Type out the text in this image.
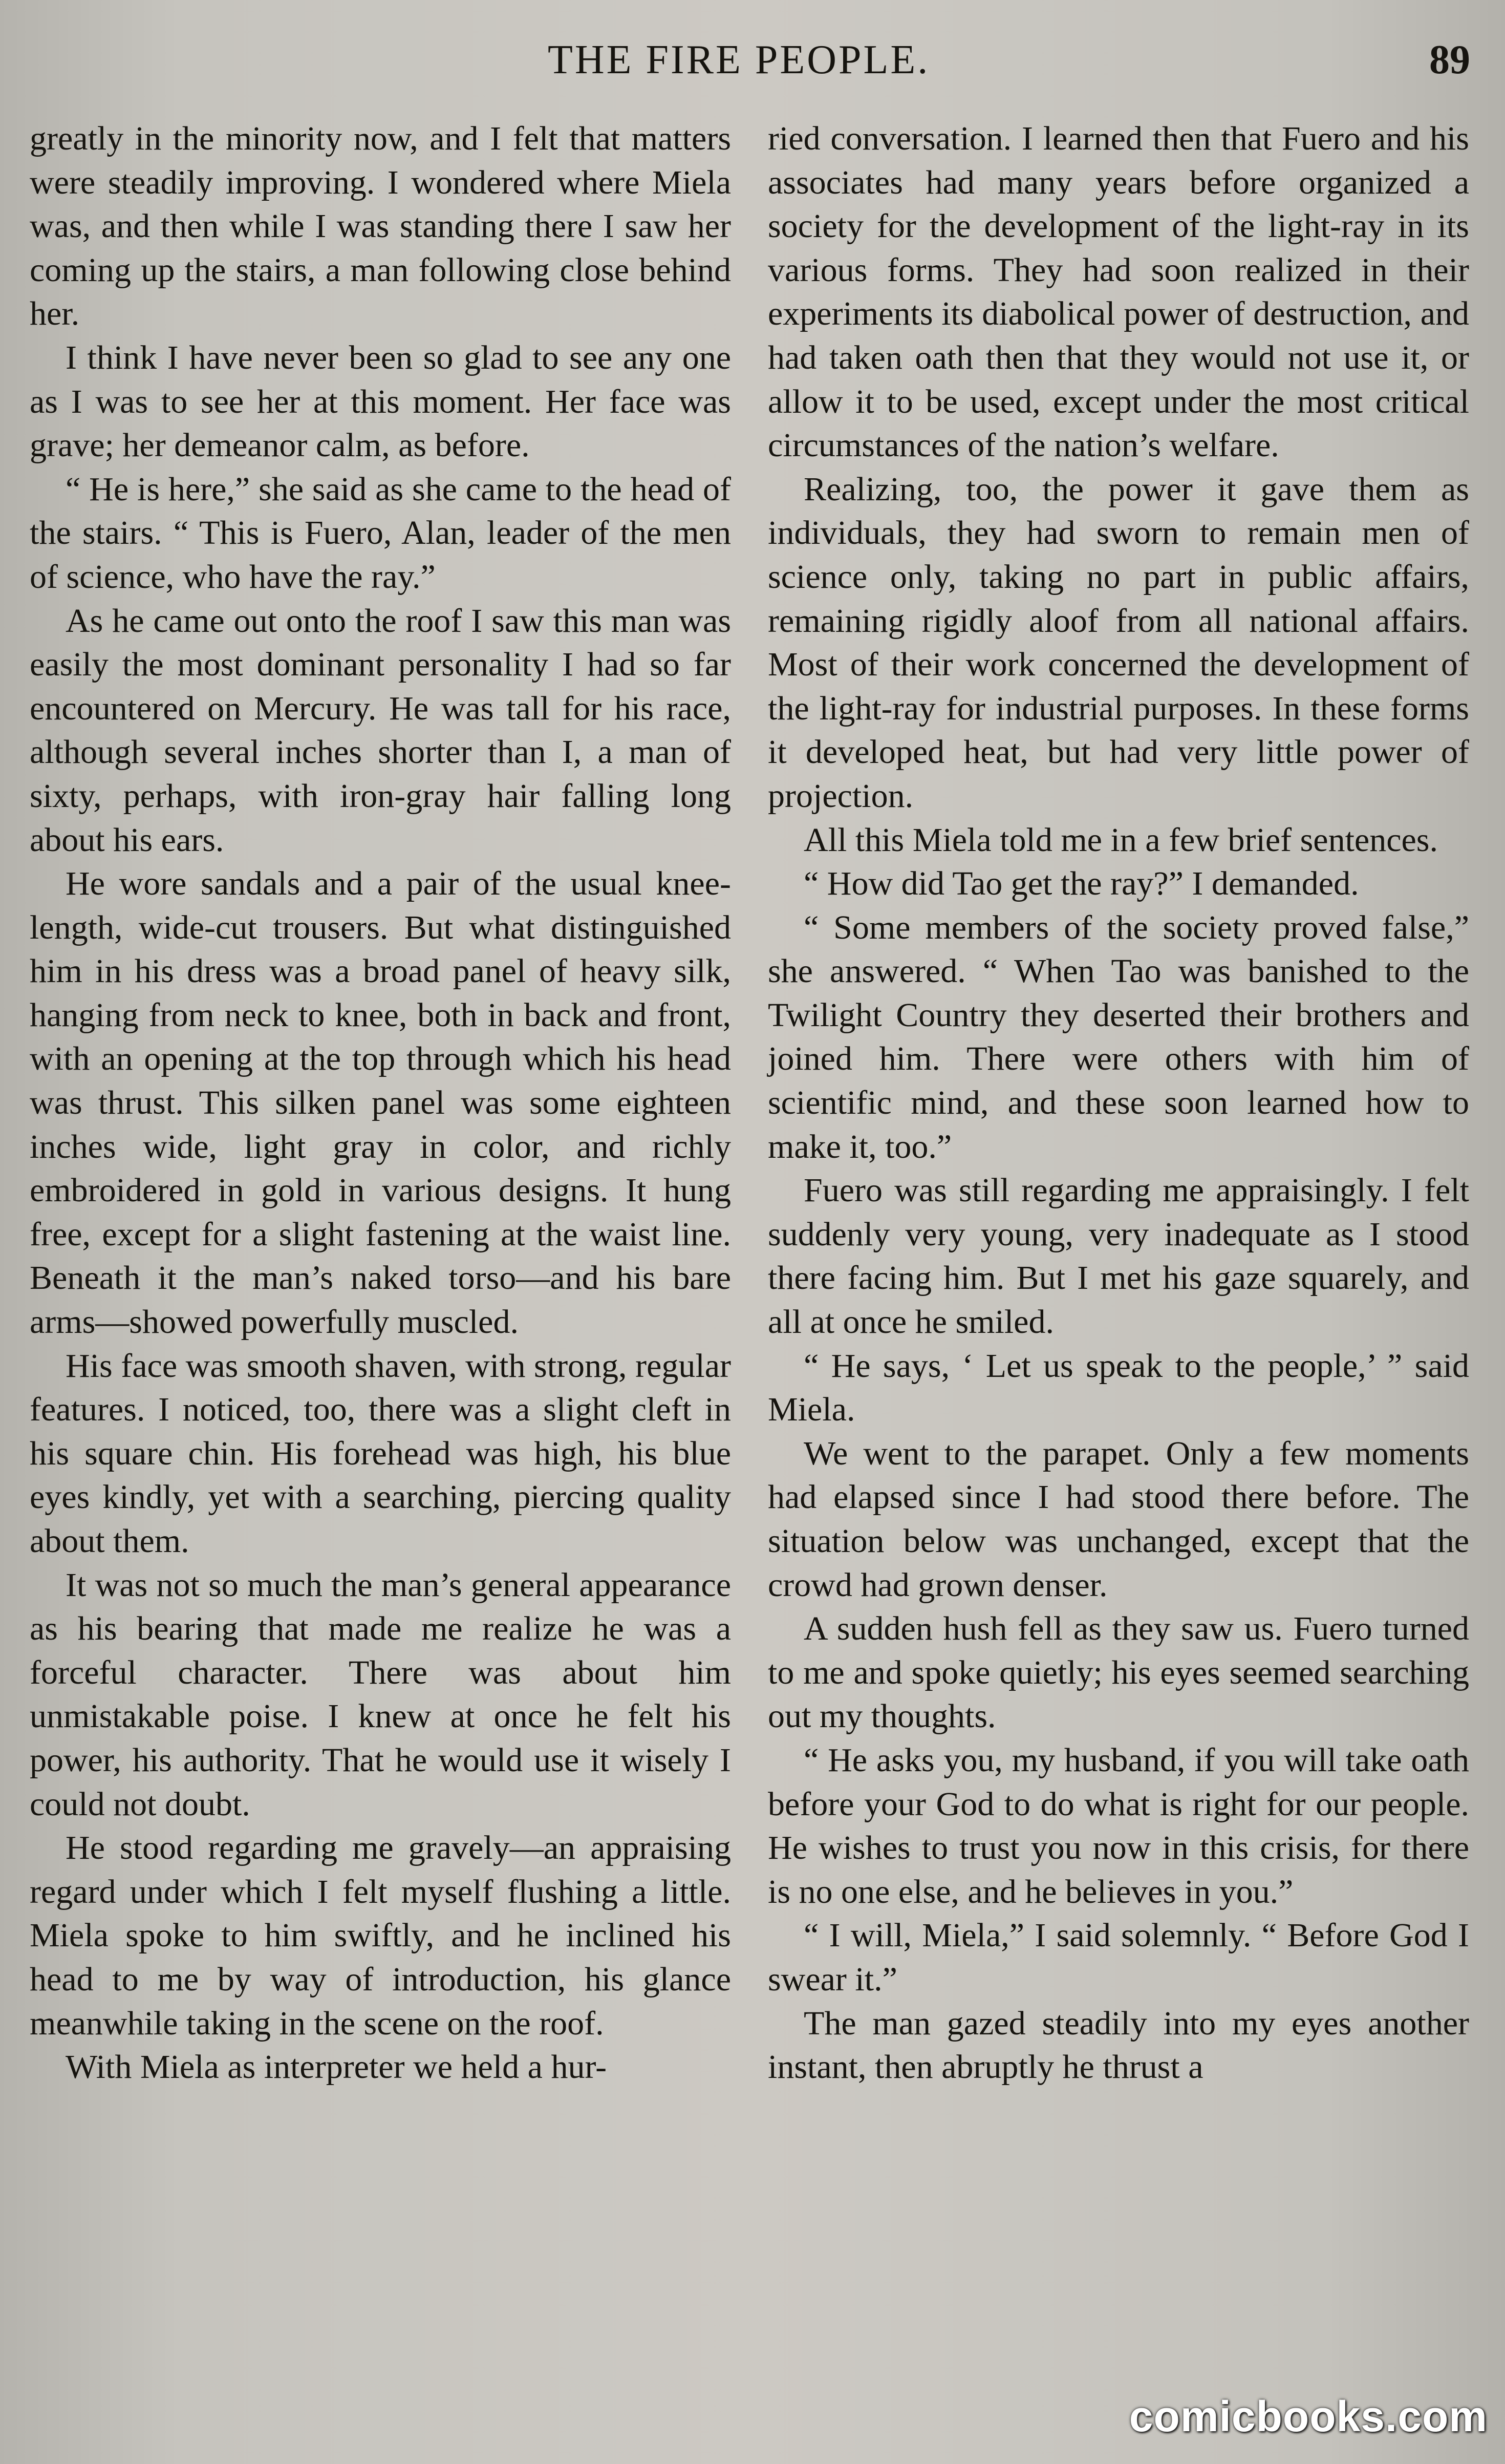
THE FIRE PEOPLE.	89

greatly in the minority now, and I felt that matters were steadily improving. I wondered where Miela was, and then while I was standing there I saw her coming up the stairs, a man following close behind her.

I think I have never been so glad to see any one as I was to see her at this moment. Her face was grave; her demeanor calm, as before.

“ He is here,” she said as she came to the head of the stairs. “ This is Fuero, Alan, leader of the men of science, who have the ray.”

As he came out onto the roof I saw this man was easily the most dominant personality I had so far encountered on Mercury. He was tall for his race, although several inches shorter than I, a man of sixty, perhaps, with iron-gray hair falling long about his ears.

He wore sandals and a pair of the usual knee-length, wide-cut trousers. But what distinguished him in his dress was a broad panel of heavy silk, hanging from neck to knee, both in back and front, with an opening at the top through which his head was thrust. This silken panel was some eighteen inches wide, light gray in color, and richly embroidered in gold in various designs. It hung free, except for a slight fastening at the waist line. Beneath it the man’s naked torso—and his bare arms—showed powerfully muscled.

His face was smooth shaven, with strong, regular features. I noticed, too, there was a slight cleft in his square chin. His forehead was high, his blue eyes kindly, yet with a searching, piercing quality about them.

It was not so much the man’s general appearance as his bearing that made me realize he was a forceful character. There was about him unmistakable poise. I knew at once he felt his power, his authority. That he would use it wisely I could not doubt.

He stood regarding me gravely—an appraising regard under which I felt myself flushing a little. Miela spoke to him swiftly, and he inclined his head to me by way of introduction, his glance meanwhile taking in the scene on the roof.

With Miela as interpreter we held a hur-

ried conversation. I learned then that Fuero and his associates had many years before organized a society for the development of the light-ray in its various forms. They had soon realized in their experiments its diabolical power of destruction, and had taken oath then that they would not use it, or allow it to be used, except under the most critical circumstances of the nation’s welfare.

Realizing, too, the power it gave them as individuals, they had sworn to remain men of science only, taking no part in public affairs, remaining rigidly aloof from all national affairs. Most of their work concerned the development of the light-ray for industrial purposes. In these forms it developed heat, but had very little power of projection.

All this Miela told me in a few brief sentences.

“ How did Tao get the ray?” I demanded.

“ Some members of the society proved false,” she answered. “ When Tao was banished to the Twilight Country they deserted their brothers and joined him. There were others with him of scientific mind, and these soon learned how to make it, too.”

Fuero was still regarding me appraisingly. I felt suddenly very young, very inadequate as I stood there facing him. But I met his gaze squarely, and all at once he smiled.

“ He says, ‘ Let us speak to the people,’ ” said Miela.

We went to the parapet. Only a few moments had elapsed since I had stood there before. The situation below was unchanged, except that the crowd had grown denser.

A sudden hush fell as they saw us. Fuero turned to me and spoke quietly; his eyes seemed searching out my thoughts.

“ He asks you, my husband, if you will take oath before your God to do what is right for our people. He wishes to trust you now in this crisis, for there is no one else, and he believes in you.”

“ I will, Miela,” I said solemnly. “ Before God I swear it.”

The man gazed steadily into my eyes another instant, then abruptly he thrust a

comicbooks.com
